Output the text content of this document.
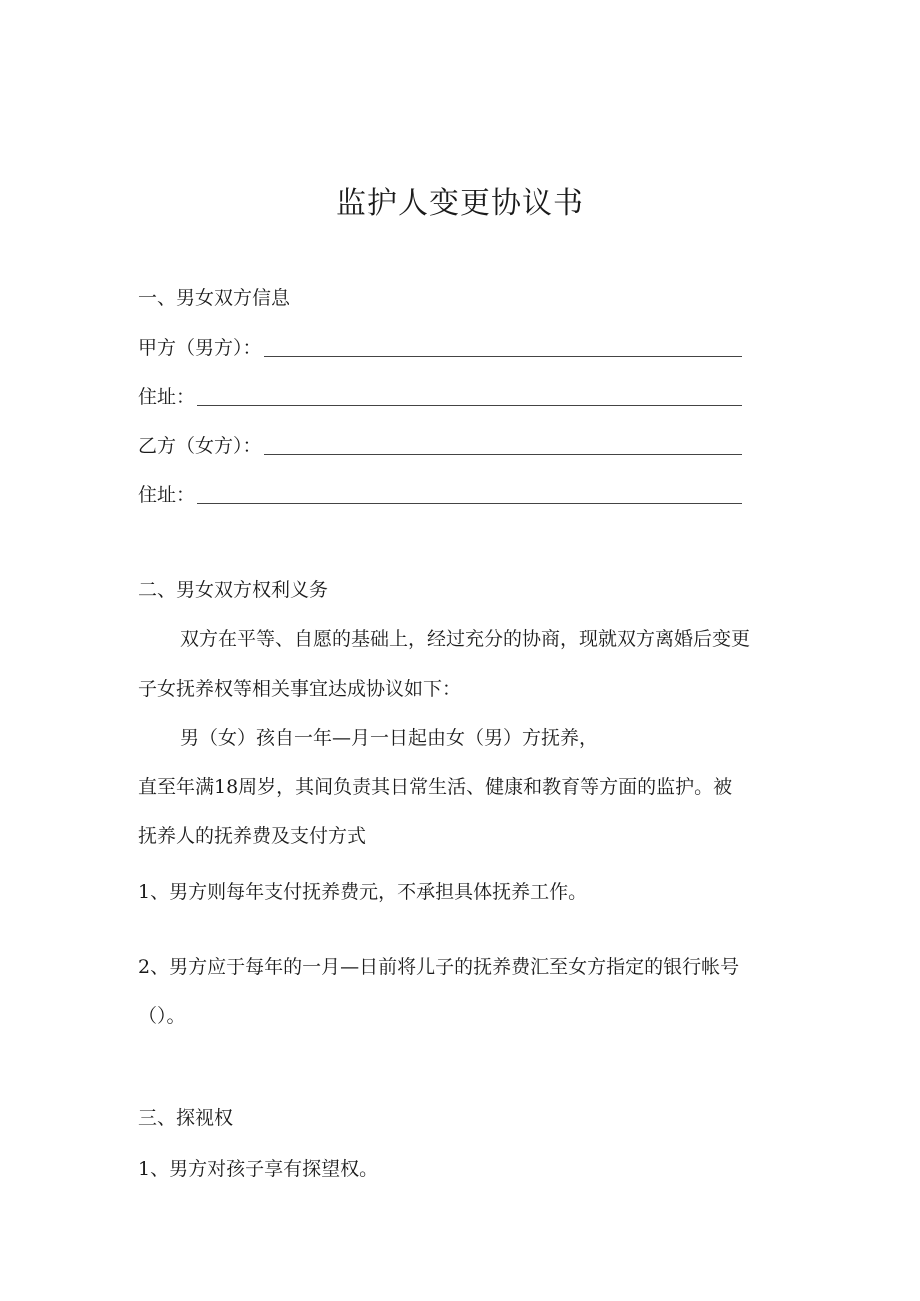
监护人变更协议书
一、男女双方信息
甲方（男方）：
住址：
乙方（女方）：
住址：
二、男女双方权利义务
双方在平等、自愿的基础上，经过充分的协商，现就双方离婚后变更
子女抚养权等相关事宜达成协议如下：
男（女）孩自一年—月一日起由女（男）方抚养，
直至年满18周岁，其间负责其日常生活、健康和教育等方面的监护。被
抚养人的抚养费及支付方式
1、男方则每年支付抚养费元，不承担具体抚养工作。
2、男方应于每年的一月—日前将儿子的抚养费汇至女方指定的银行帐号
（）。
三、探视权
1、男方对孩子享有探望权。
